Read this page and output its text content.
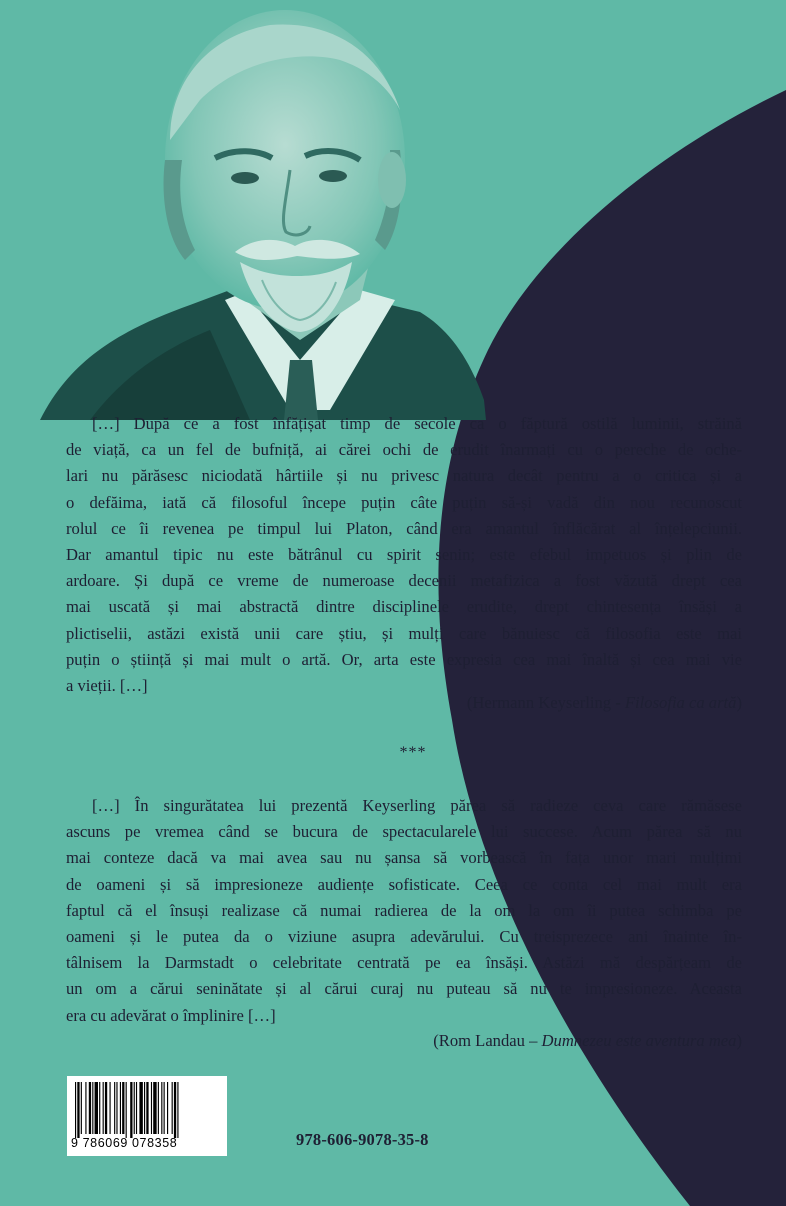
[…] După ce a fost înfățișat timp de secole ca o făptură ostilă luminii, străină
de viață, ca un fel de bufniță, ai cărei ochi de erudit înarmați cu o pereche de oche-
lari nu părăsesc niciodată hârtiile și nu privesc natura decât pentru a o critica și a
o defăima, iată că filosoful începe puțin câte puțin să-și vadă din nou recunoscut
rolul ce îi revenea pe timpul lui Platon, când era amantul înflăcărat al înțelepciunii.
Dar amantul tipic nu este bătrânul cu spirit senin; este efebul impetuos și plin de
ardoare. Și după ce vreme de numeroase decenii metafizica a fost văzută drept cea
mai uscată și mai abstractă dintre disciplinele erudite, drept chintesența însăși a
plictiselii, astăzi există unii care știu, și mulți care bănuiesc că filosofia este mai
puțin o știință și mai mult o artă. Or, arta este expresia cea mai înaltă și cea mai vie
a vieții. […]
(Hermann Keyserling - Filosofia ca artă)
***
[…] În singurătatea lui prezentă Keyserling părea să radieze ceva care rămăsese
ascuns pe vremea când se bucura de spectacularele lui succese. Acum părea să nu
mai conteze dacă va mai avea sau nu șansa să vorbească în fața unor mari mulțimi
de oameni și să impresioneze audiențe sofisticate. Ceea ce conta cel mai mult era
faptul că el însuși realizase că numai radierea de la om la om îi putea schimba pe
oameni și le putea da o viziune asupra adevărului. Cu treisprezece ani înainte în-
tâlnisem la Darmstadt o celebritate centrată pe ea însăși. Astăzi mă despărțeam de
un om a cărui seninătate și al cărui curaj nu puteau să nu te impresioneze. Aceasta
era cu adevărat o împlinire […]
(Rom Landau – Dumnezeu este aventura mea)
9 786069 078358	978-606-9078-35-8
